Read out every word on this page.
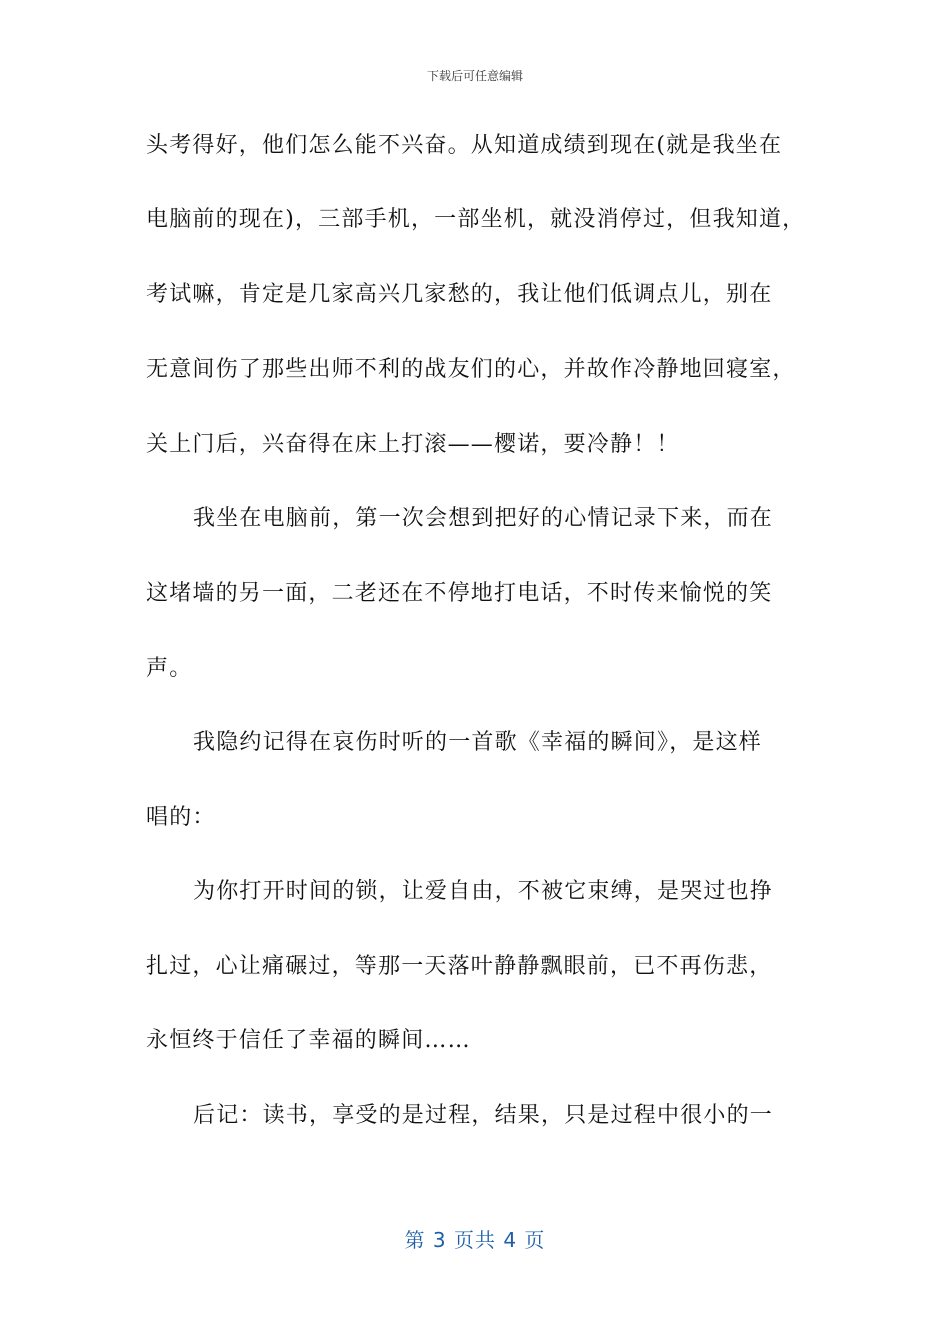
下载后可任意编辑
头考得好，他们怎么能不兴奋。从知道成绩到现在(就是我坐在
电脑前的现在)，三部手机，一部坐机，就没消停过，但我知道，
考试嘛，肯定是几家高兴几家愁的，我让他们低调点儿，别在
无意间伤了那些出师不利的战友们的心，并故作冷静地回寝室，
关上门后，兴奋得在床上打滚——樱诺，要冷静！！
我坐在电脑前，第一次会想到把好的心情记录下来，而在
这堵墙的另一面，二老还在不停地打电话，不时传来愉悦的笑
声。
我隐约记得在哀伤时听的一首歌《幸福的瞬间》，是这样
唱的：
为你打开时间的锁，让爱自由，不被它束缚，是哭过也挣
扎过，心让痛碾过，等那一天落叶静静飘眼前，已不再伤悲，
永恒终于信任了幸福的瞬间……
后记：读书，享受的是过程，结果，只是过程中很小的一
第 3 页共 4 页
